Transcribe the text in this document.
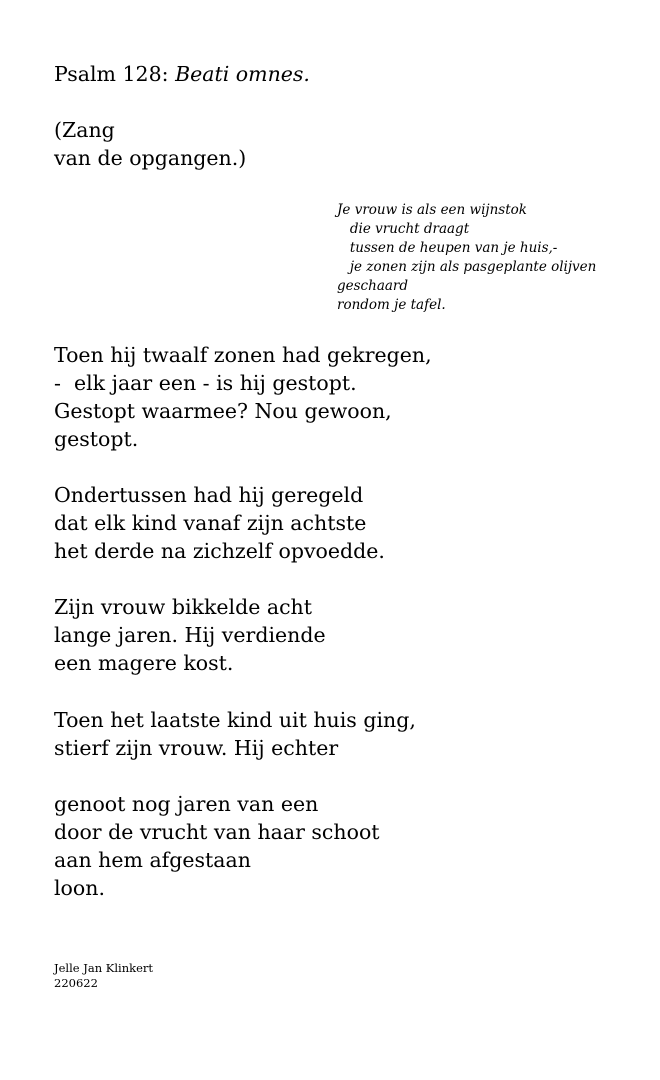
Psalm 128: Beati omnes.
(Zang
van de opgangen.)
Je vrouw is als een wijnstok
die vrucht draagt
tussen de heupen van je huis,-
je zonen zijn als pasgeplante olijven
geschaard
rondom je tafel.
Toen hij twaalf zonen had gekregen,
-  elk jaar een - is hij gestopt.
Gestopt waarmee? Nou gewoon,
gestopt.
Ondertussen had hij geregeld
dat elk kind vanaf zijn achtste
het derde na zichzelf opvoedde.
Zijn vrouw bikkelde acht
lange jaren. Hij verdiende
een magere kost.
Toen het laatste kind uit huis ging,
stierf zijn vrouw. Hij echter
genoot nog jaren van een
door de vrucht van haar schoot
aan hem afgestaan
loon.
Jelle Jan Klinkert
220622
